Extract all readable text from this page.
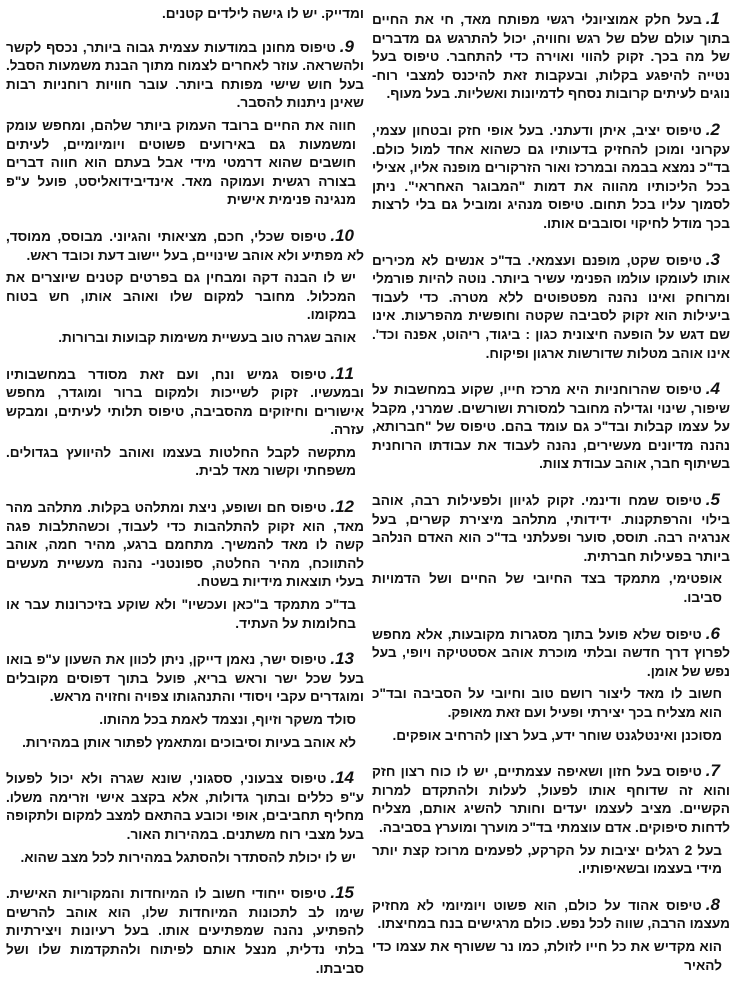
ומדייק. יש לו גישה לילדים קטנים.

9.טיפוס מחונן במודעות עצמית גבוה ביותר, נכסף לקשר ולהשראה. עוזר לאחרים לצמוח מתוך הבנת משמעות הסבל. בעל חוש שישי מפותח ביותר. עובר חוויות רוחניות רבות שאינן ניתנות להסבר.

חווה את החיים ברובד העמוק ביותר שלהם, ומחפש עומק ומשמעות גם באירועים פשוטים ויומיומיים, לעיתים חושבים שהוא דרמטי מידי אבל בעתם הוא חווה דברים בצורה רגשית ועמוקה מאד. אינדיבידואליסט, פועל ע"פ מנגינה פנימית אישית

10.טיפוס שכלי, חכם, מציאותי והגיוני. מבוסס, ממוסד, לא מפתיע ולא אוהב שינויים, בעל יישוב דעת וכובד ראש.

יש לו הבנה דקה ומבחין גם בפרטים קטנים שיוצרים את המכלול. מחובר למקום שלו ואוהב אותו, חש בטוח במקומו.

אוהב שגרה טוב בעשיית משימות קבועות וברורות.

11.טיפוס גמיש ונח, ועם זאת מסודר במחשבותיו ובמעשיו. זקוק לשייכות ולמקום ברור ומוגדר, מחפש אישורים וחיזוקים מהסביבה, טיפוס תלותי לעיתים, ומבקש עזרה.

מתקשה לקבל החלטות בעצמו ואוהב להיוועץ בגדולים. משפחתי וקשור מאד לבית.

12.טיפוס חם ושופע, ניצת ומתלהט בקלות. מתלהב מהר מאד, הוא זקוק להתלהבות כדי לעבוד, וכשהתלבות פגה קשה לו מאד להמשיך. מתחמם ברגע, מהיר חמה, אוהב להתווכח, מהיר החלטה, ספונטני- נהנה מעשיית מעשים בעלי תוצאות מידיות בשטח.

בד"כ מתמקד ב"כאן ועכשיו" ולא שוקע בזיכרונות עבר או בחלומות על העתיד.

13.טיפוס ישר, נאמן דייקן, ניתן לכוון את השעון ע"פ בואו בעל שכל ישר וראש בריא, פועל בתוך דפוסים מקובלים ומוגדרים עקבי ויסודי והתנהגותו צפויה וחזויה מראש.

סולד משקר וזיוף, ונצמד לאמת בכל מהותו.

לא אוהב בעיות וסיבוכים ומתאמץ לפתור אותן במהירות.

14.טיפוס צבעוני, ססגוני, שונא שגרה ולא יכול לפעול ע"פ כללים ובתוך גדולות, אלא בקצב אישי וזרימה משלו. מחליף תחביבים, אופי וכובע בהתאם למצב למקום ולתקופה בעל מצבי רוח משתנים. במהירות האור.

יש לו יכולת להסתדר ולהסתגל במהירות לכל מצב שהוא.

15.טיפוס ייחודי חשוב לו המיוחדות והמקוריות האישית. שימו לב לתכונות המיוחדות שלו, הוא אוהב להרשים להפתיע, נהנה שמפתיעים אותו. בעל רעיונות ויצירתיות בלתי נדלית, מנצל אותם לפיתוח ולהתקדמות שלו ושל סביבתו.

1.בעל חלק אמוציונלי רגשי מפותח מאד, חי את החיים בתוך עולם שלם של רגש וחוויה, יכול להתרגש גם מדברים של מה בכך. זקוק להווי ואוירה כדי להתחבר. טיפוס בעל נטייה להיפגע בקלות, ובעקבות זאת להיכנס למצבי רוח- נוגים לעיתים קרובות נסחף לדמיונות ואשליות. בעל מעוף.

2.טיפוס יציב, איתן ודעתני. בעל אופי חזק ובטחון עצמי, עקרוני ומוכן להחזיק בדעותיו גם כשהוא אחד למול כולם. בד"כ נמצא בבמה ובמרכז ואור הזרקורים מופנה אליו, אצילי בכל הליכותיו מהווה את דמות "המבוגר האחראי". ניתן לסמוך עליו בכל תחום. טיפוס מנהיג ומוביל גם בלי לרצות בכך מודל לחיקוי וסובבים אותו.

3.טיפוס שקט, מופנם ועצמאי. בד"כ אנשים לא מכירים אותו לעומקו עולמו הפנימי עשיר ביותר. נוטה להיות פורמלי ומרוחק ואינו נהנה מפטפוטים ללא מטרה. כדי לעבוד ביעילות הוא זקוק לסביבה שקטה וחופשית מהפרעות. אינו שם דגש על הופעה חיצונית כגון : ביגוד, ריהוט, אפנה וכד'. אינו אוהב מטלות שדורשות ארגון ופיקוח.

4.טיפוס שהרוחניות היא מרכז חייו, שקוע במחשבות על שיפור, שינוי וגדילה מחובר למסורת ושורשים. שמרני, מקבל על עצמו קבלות ובד"כ גם עומד בהם. טיפוס של "חברותא, נהנה מדיונים מעשירים, נהנה לעבוד את עבודתו הרוחנית בשיתוף חבר, אוהב עבודת צוות.

5.טיפוס שמח ודינמי. זקוק לגיוון ולפעילות רבה, אוהב בילוי והרפתקנות. ידידותי, מתלהב מיצירת קשרים, בעל אנרגיה רבה. תוסס, סוער ופעלתני בד"כ הוא האדם הנלהב ביותר בפעילות חברתית.

אופטימי, מתמקד בצד החיובי של החיים ושל הדמויות סביבו.

6.טיפוס שלא פועל בתוך מסגרות מקובעות, אלא מחפש לפרוץ דרך חדשה ובלתי מוכרת אוהב אסטטיקה ויופי, בעל נפש של אומן.

חשוב לו מאד ליצור רושם טוב וחיובי על הסביבה ובד"כ הוא מצליח בכך יצירתי ופעיל ועם זאת מאופק.

מסוכנן ואינטלגנט שוחר ידע, בעל רצון להרחיב אופקים.

7.טיפוס בעל חזון ושאיפה עצמתיים, יש לו כוח רצון חזק והוא זה שדוחף אותו לפעול, לעלות ולהתקדם למרות הקשיים. מציב לעצמו יעדים וחותר להשיג אותם, מצליח לדחות סיפוקים. אדם עוצמתי בד"כ מוערך ומוערץ בסביבה.

בעל 2 רגלים יציבות על הקרקע, לפעמים מרוכז קצת יותר מידי בעצמו ובשאיפותיו.

8.טיפוס אהוד על כולם, הוא פשוט ויומיומי לא מחזיק מעצמו הרבה, שווה לכל נפש. כולם מרגישים בנח במחיצתו.

הוא מקדיש את כל חייו לזולת, כמו נר ששורף את עצמו כדי להאיר
